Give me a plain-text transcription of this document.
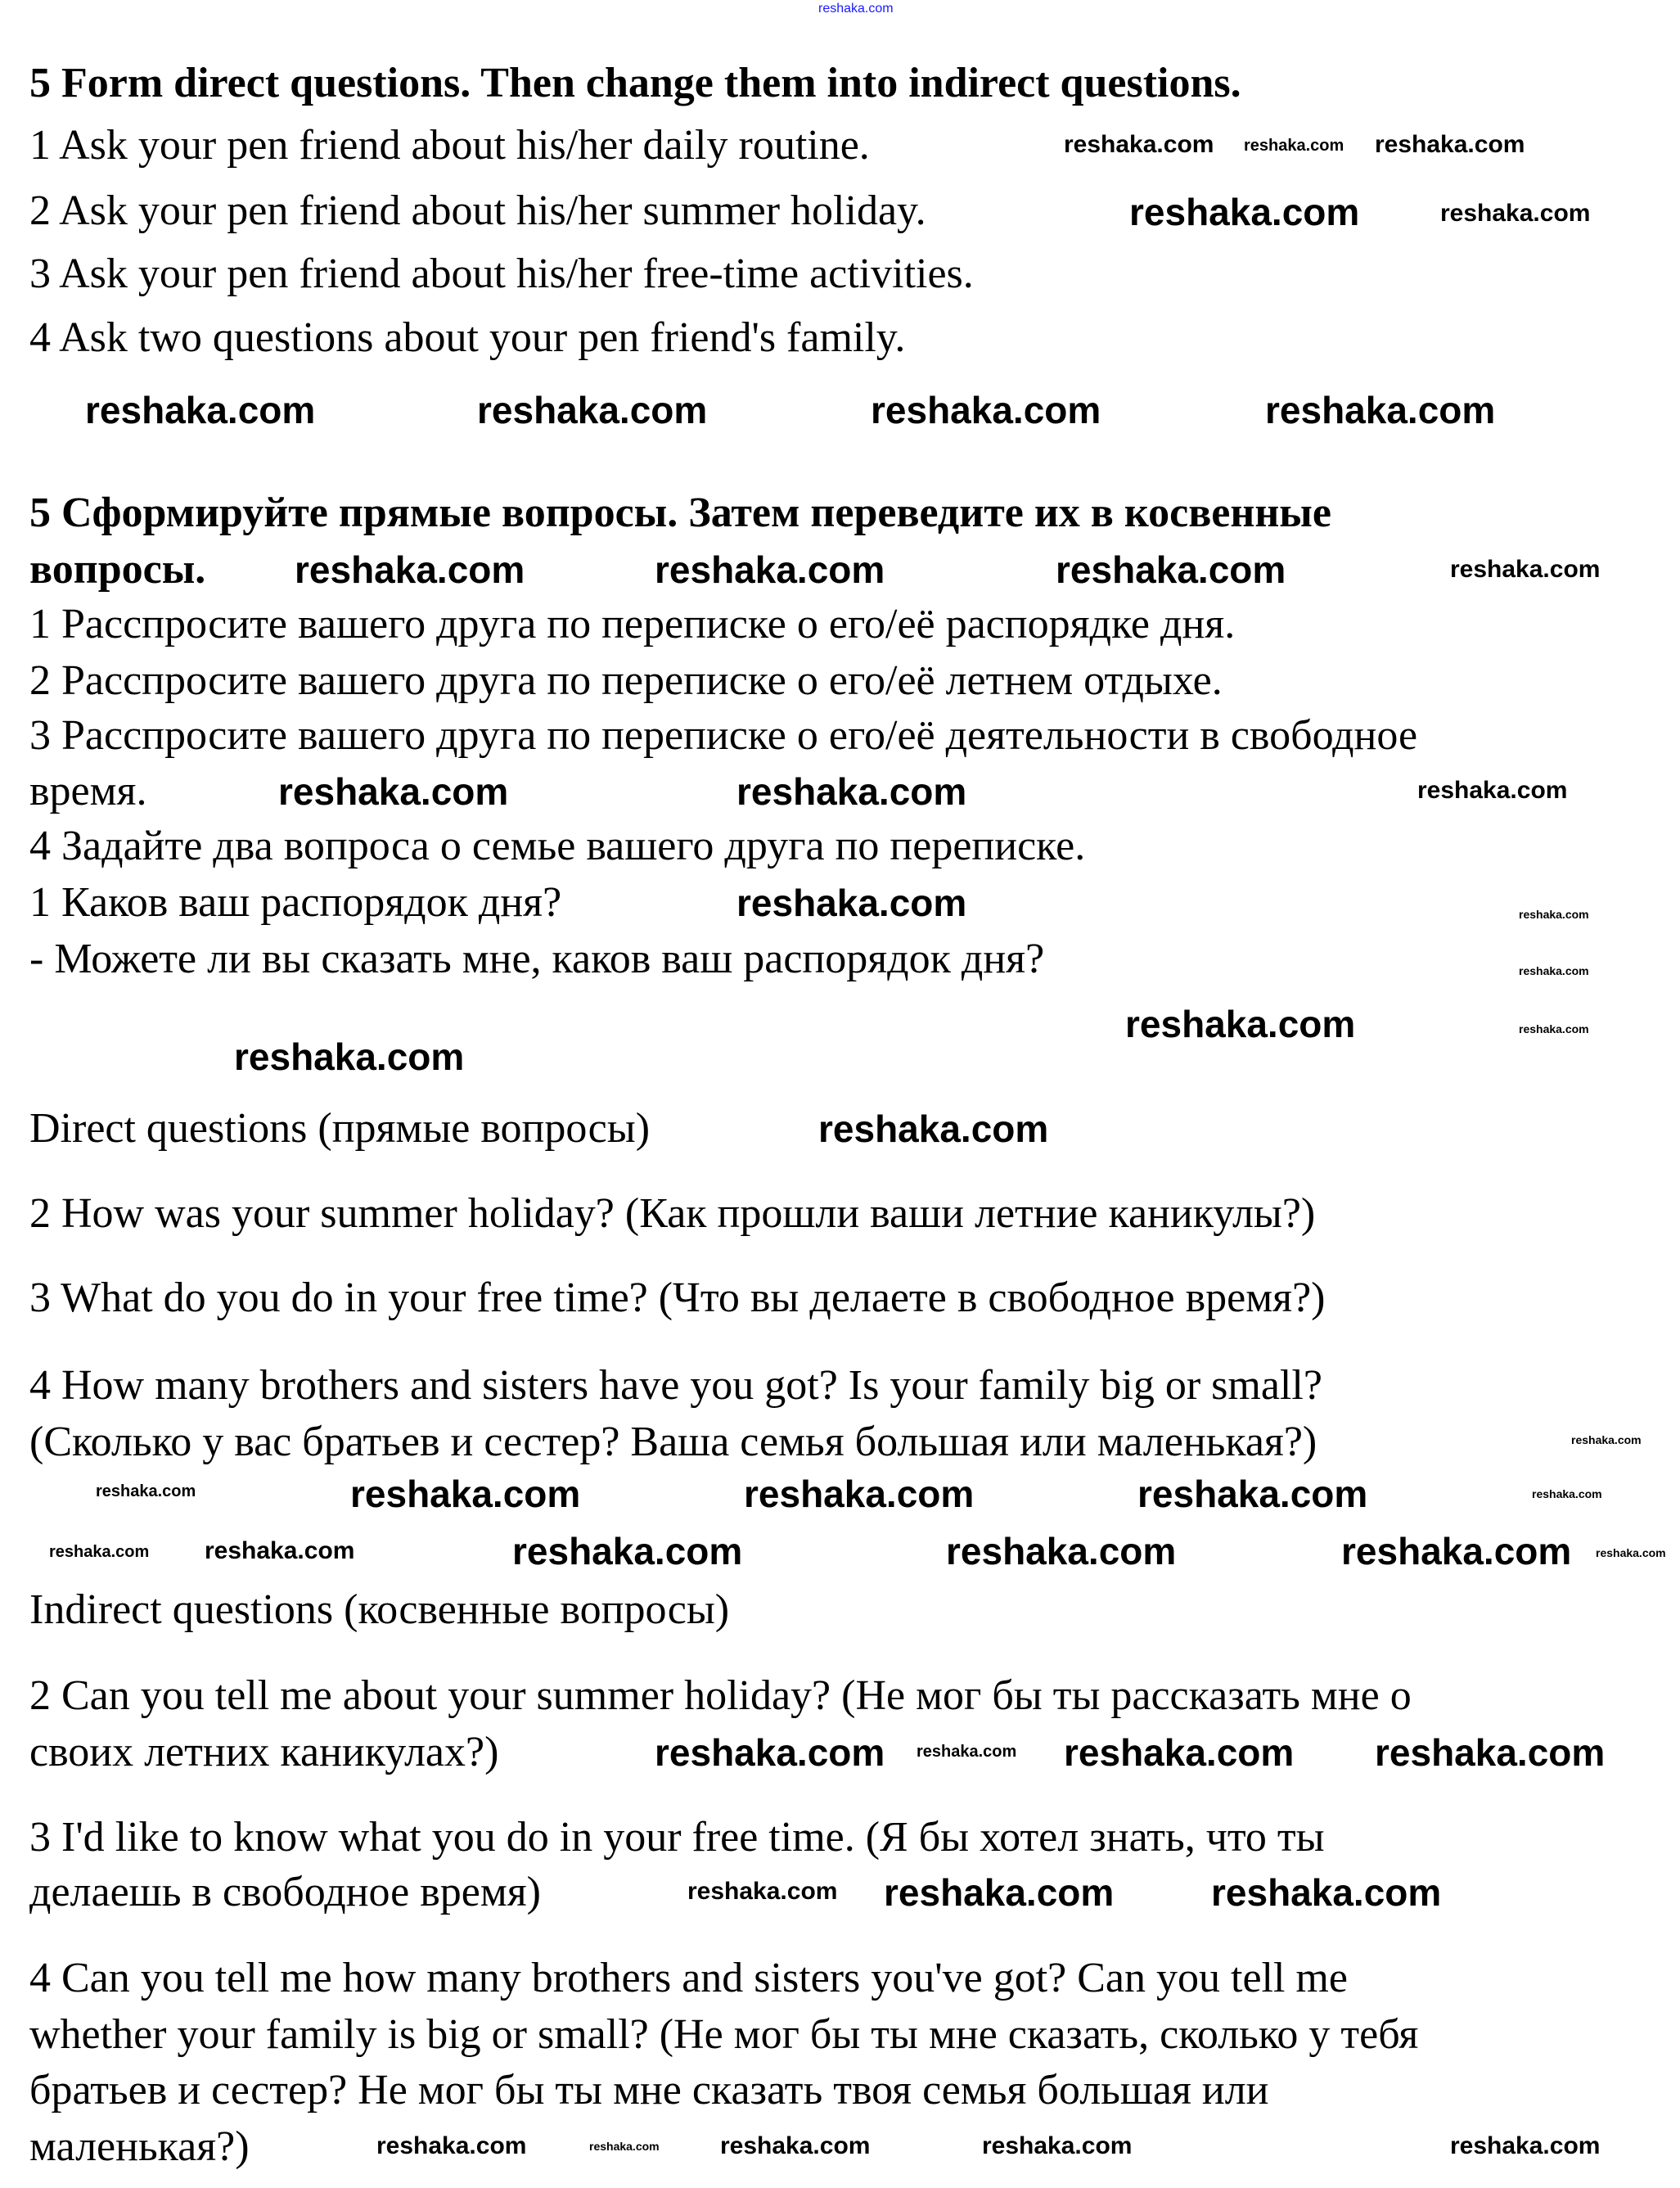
reshaka.com
5 Form direct questions. Then change them into indirect questions.
1 Ask your pen friend about his/her daily routine.
2 Ask your pen friend about his/her summer holiday.
3 Ask your pen friend about his/her free-time activities.
4 Ask two questions about your pen friend's family.
5 Сформируйте прямые вопросы. Затем переведите их в косвенные
вопросы.
1 Расспросите вашего друга по переписке о его/её распорядке дня.
2 Расспросите вашего друга по переписке о его/её летнем отдыхе.
3 Расспросите вашего друга по переписке о его/её деятельности в свободное
время.
4 Задайте два вопроса о семье вашего друга по переписке.
1 Каков ваш распорядок дня?
- Можете ли вы сказать мне, каков ваш распорядок дня?
Direct questions (прямые вопросы)
2 How was your summer holiday? (Как прошли ваши летние каникулы?)
3 What do you do in your free time? (Что вы делаете в свободное время?)
4 How many brothers and sisters have you got? Is your family big or small?
(Сколько у вас братьев и сестер? Ваша семья большая или маленькая?)
Indirect questions (косвенные вопросы)
2 Can you tell me about your summer holiday? (Не мог бы ты рассказать мне о
своих летних каникулах?)
3 I'd like to know what you do in your free time. (Я бы хотел знать, что ты
делаешь в свободное время)
4 Can you tell me how many brothers and sisters you've got? Can you tell me
whether your family is big or small? (Не мог бы ты мне сказать, сколько у тебя
братьев и сестер? Не мог бы ты мне сказать твоя семья большая или
маленькая?)
reshaka.com reshaka.com reshaka.com
reshaka.com	reshaka.com
reshaka.com	reshaka.com	reshaka.com	reshaka.com
reshaka.com	reshaka.com	reshaka.com	reshaka.com
reshaka.com
reshaka.com	reshaka.com
reshaka.com	reshaka.com
reshaka.com
reshaka.com
reshaka.com
reshaka.com
reshaka.com
reshaka.com
reshaka.com	reshaka.com	reshaka.com
reshaka.com
reshaka.com
reshaka.com
reshaka.com	reshaka.com	reshaka.com	reshaka.com
reshaka.com
reshaka.com reshaka.com reshaka.com reshaka.com
reshaka.com reshaka.com	reshaka.com
reshaka.com	reshaka.com reshaka.com	reshaka.com	reshaka.com
